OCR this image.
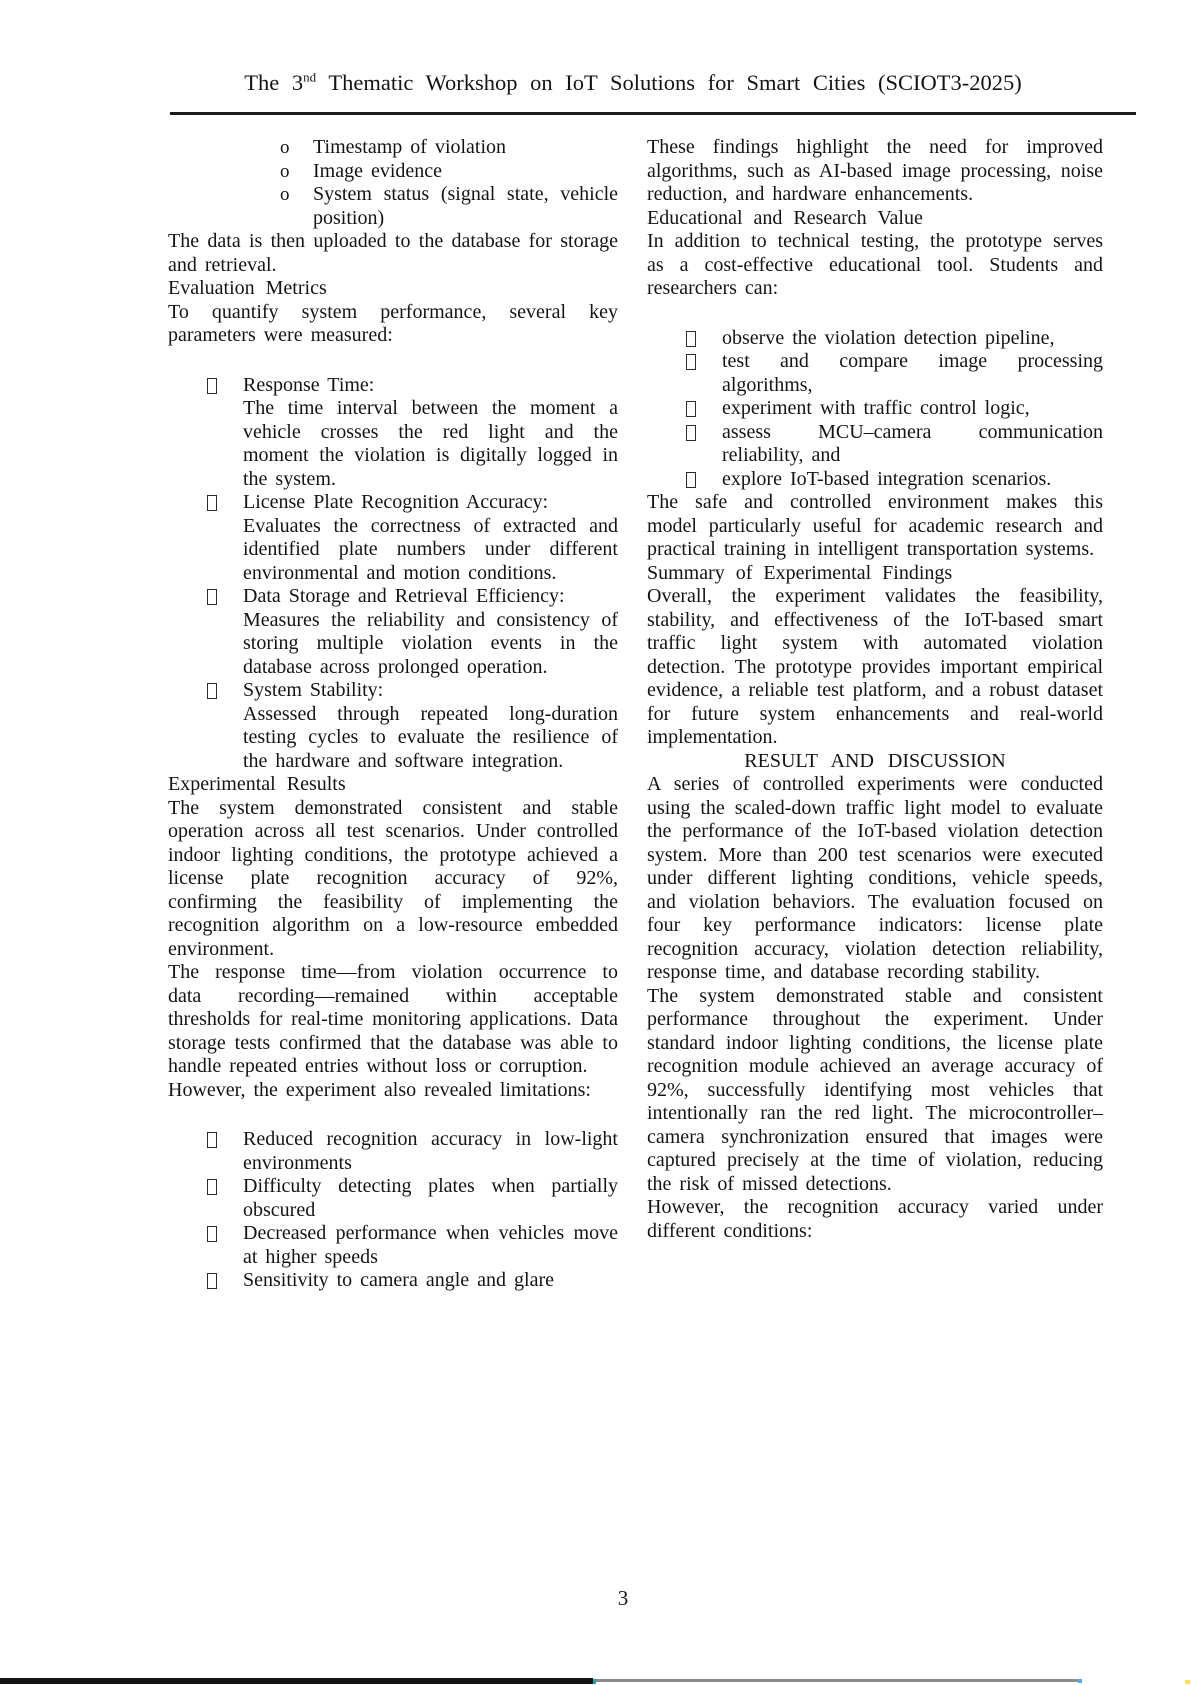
The 3nd Thematic Workshop on IoT Solutions for Smart Cities (SCIOT3-2025)
o	Timestamp of violation
o	Image evidence
o	System status (signal state, vehicle position)

The data is then uploaded to the database for storage and retrieval.

Evaluation Metrics

To quantify system performance, several key parameters were measured:

Response Time:
The time interval between the moment a vehicle crosses the red light and the moment the violation is digitally logged in the system.
License Plate Recognition Accuracy:
Evaluates the correctness of extracted and identified plate numbers under different environmental and motion conditions.
Data Storage and Retrieval Efficiency:
Measures the reliability and consistency of storing multiple violation events in the database across prolonged operation.
System Stability:
Assessed through repeated long-duration testing cycles to evaluate the resilience of the hardware and software integration.

Experimental Results

The system demonstrated consistent and stable operation across all test scenarios. Under controlled indoor lighting conditions, the prototype achieved a license plate recognition accuracy of 92%, confirming the feasibility of implementing the recognition algorithm on a low-resource embedded environment.

The response time—from violation occurrence to data recording—remained within acceptable thresholds for real-time monitoring applications. Data storage tests confirmed that the database was able to handle repeated entries without loss or corruption.

However, the experiment also revealed limitations:

Reduced recognition accuracy in low-light environments
Difficulty detecting plates when partially obscured
Decreased performance when vehicles move at higher speeds
Sensitivity to camera angle and glare

These findings highlight the need for improved algorithms, such as AI-based image processing, noise reduction, and hardware enhancements.

Educational and Research Value

In addition to technical testing, the prototype serves as a cost-effective educational tool. Students and researchers can:

observe the violation detection pipeline,
test and compare image processing algorithms,
experiment with traffic control logic,
assess MCU–camera communication reliability, and
explore IoT-based integration scenarios.

The safe and controlled environment makes this model particularly useful for academic research and practical training in intelligent transportation systems.

Summary of Experimental Findings

Overall, the experiment validates the feasibility, stability, and effectiveness of the IoT-based smart traffic light system with automated violation detection. The prototype provides important empirical evidence, a reliable test platform, and a robust dataset for future system enhancements and real-world implementation.

RESULT AND DISCUSSION

A series of controlled experiments were conducted using the scaled-down traffic light model to evaluate the performance of the IoT-based violation detection system. More than 200 test scenarios were executed under different lighting conditions, vehicle speeds, and violation behaviors. The evaluation focused on four key performance indicators: license plate recognition accuracy, violation detection reliability, response time, and database recording stability.

The system demonstrated stable and consistent performance throughout the experiment. Under standard indoor lighting conditions, the license plate recognition module achieved an average accuracy of 92%, successfully identifying most vehicles that intentionally ran the red light. The microcontroller–camera synchronization ensured that images were captured precisely at the time of violation, reducing the risk of missed detections.

However, the recognition accuracy varied under different conditions:

3
